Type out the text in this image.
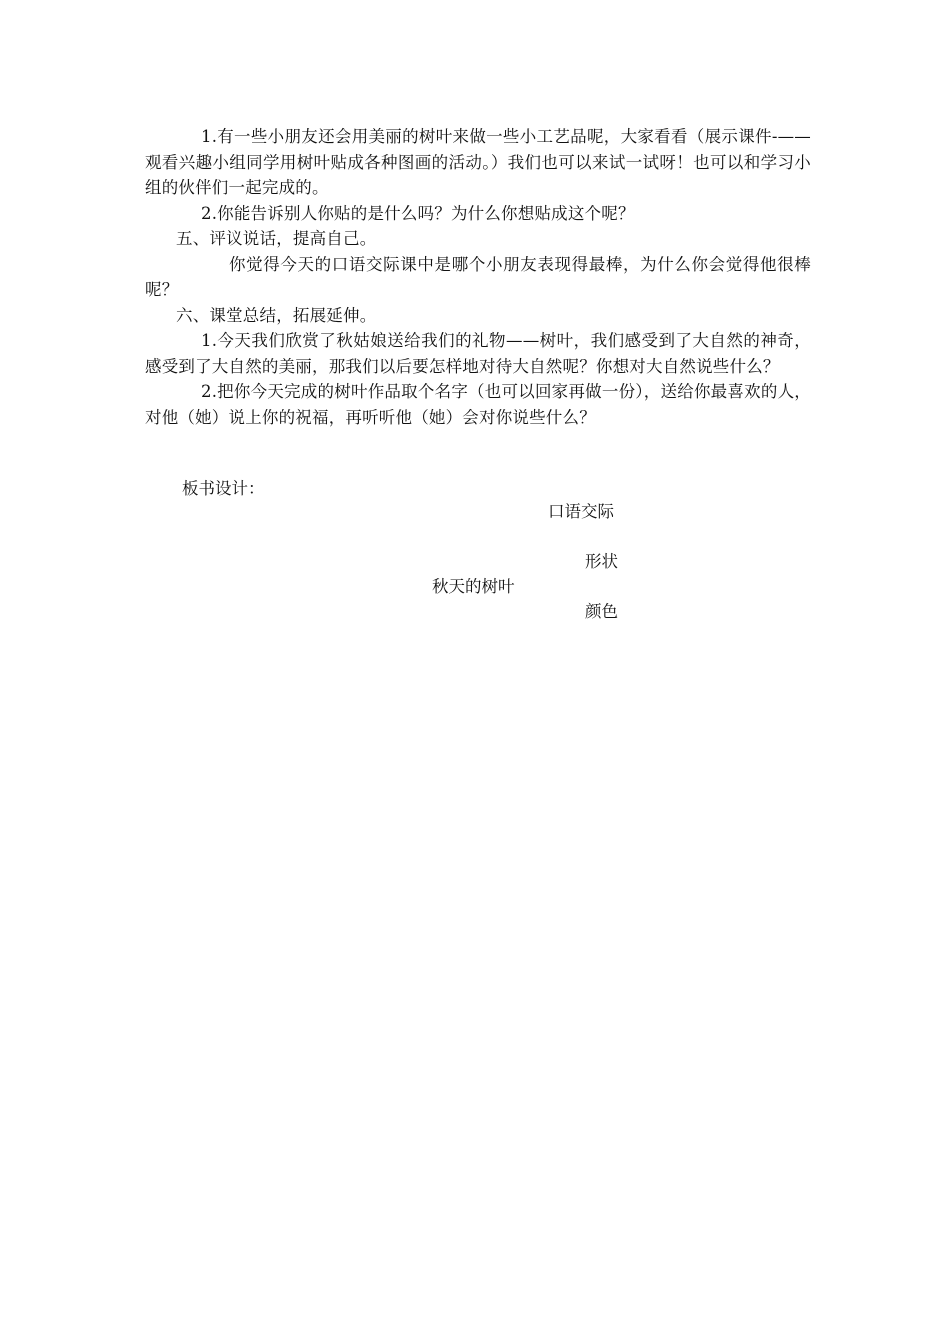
1.有一些小朋友还会用美丽的树叶来做一些小工艺品呢，大家看看（展示课件-——观看兴趣小组同学用树叶贴成各种图画的活动。）我们也可以来试一试呀！也可以和学习小组的伙伴们一起完成的。

2.你能告诉别人你贴的是什么吗？为什么你想贴成这个呢？

五、评议说话，提高自己。

你觉得今天的口语交际课中是哪个小朋友表现得最棒，为什么你会觉得他很棒呢？

六、课堂总结，拓展延伸。

1.今天我们欣赏了秋姑娘送给我们的礼物——树叶，我们感受到了大自然的神奇，感受到了大自然的美丽，那我们以后要怎样地对待大自然呢？你想对大自然说些什么？

2.把你今天完成的树叶作品取个名字（也可以回家再做一份），送给你最喜欢的人，对他（她）说上你的祝福，再听听他（她）会对你说些什么？

板书设计：
口语交际
形状
秋天的树叶
颜色
